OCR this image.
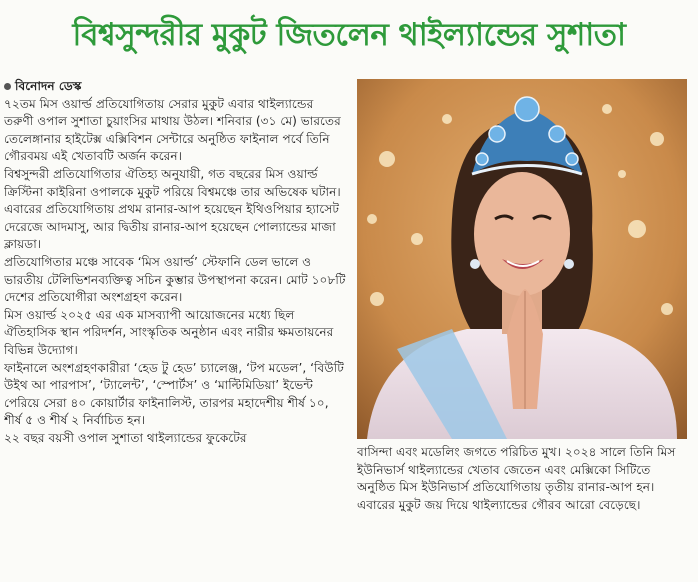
বিশ্বসুন্দরীর মুকুট জিতলেন থাইল্যান্ডের সুশাতা
বিনোদন ডেস্ক

৭২তম মিস ওয়ার্ল্ড প্রতিযোগিতায় সেরার মুকুট এবার থাইল্যান্ডের তরুণী ওপাল সুশাতা চুয়াংসির মাথায় উঠল। শনিবার (৩১ মে) ভারতের তেলেঙ্গানার হাইটেক্স এক্সিবিশন সেন্টারে অনুষ্ঠিত ফাইনাল পর্বে তিনি গৌরবময় এই খেতাবটি অর্জন করেন।

বিশ্বসুন্দরী প্রতিযোগিতার ঐতিহ্য অনুযায়ী, গত বছরের মিস ওয়ার্ল্ড ক্রিস্টিনা কাইরিনা ওপালকে মুকুট পরিয়ে বিশ্বমঞ্চে তার অভিষেক ঘটান।

এবারের প্রতিযোগিতায় প্রথম রানার-আপ হয়েছেন ইথিওপিয়ার হ্যাসেট দেরেজে আদমাসু, আর দ্বিতীয় রানার-আপ হয়েছেন পোল্যান্ডের মাজা ক্লায়ডা।

প্রতিযোগিতার মঞ্চে সাবেক ‘মিস ওয়ার্ল্ড’ স্টেফানি ডেল ভালে ও ভারতীয় টেলিভিশনব্যক্তিত্ব সচিন কুম্ভার উপস্থাপনা করেন। মোট ১০৮টি দেশের প্রতিযোগীরা অংশগ্রহণ করেন।

মিস ওয়ার্ল্ড ২০২৫ এর এক মাসব্যাপী আয়োজনের মধ্যে ছিল ঐতিহাসিক স্থান পরিদর্শন, সাংস্কৃতিক অনুষ্ঠান এবং নারীর ক্ষমতায়নের বিভিন্ন উদ্যোগ।

ফাইনালে অংশগ্রহণকারীরা ‘হেড টু হেড’ চ্যালেঞ্জ, ‘টপ মডেল’, ‘বিউটি উইথ আ পারপাস’, ‘ট্যালেন্ট’, ‘স্পোর্টস’ ও ‘মাল্টিমিডিয়া’ ইভেন্ট পেরিয়ে সেরা ৪০ কোয়ার্টার ফাইনালিস্ট, তারপর মহাদেশীয় শীর্ষ ১০, শীর্ষ ৫ ও শীর্ষ ২ নির্বাচিত হন।

২২ বছর বয়সী ওপাল সুশাতা থাইল্যান্ডের ফুকেটের

বাসিন্দা এবং মডেলিং জগতে পরিচিত মুখ। ২০২৪ সালে তিনি মিস ইউনিভার্স থাইল্যান্ডের খেতাব জেতেন এবং মেক্সিকো সিটিতে অনুষ্ঠিত মিস ইউনিভার্স প্রতিযোগিতায় তৃতীয় রানার-আপ হন।

এবারের মুকুট জয় দিয়ে থাইল্যান্ডের গৌরব আরো বেড়েছে।
